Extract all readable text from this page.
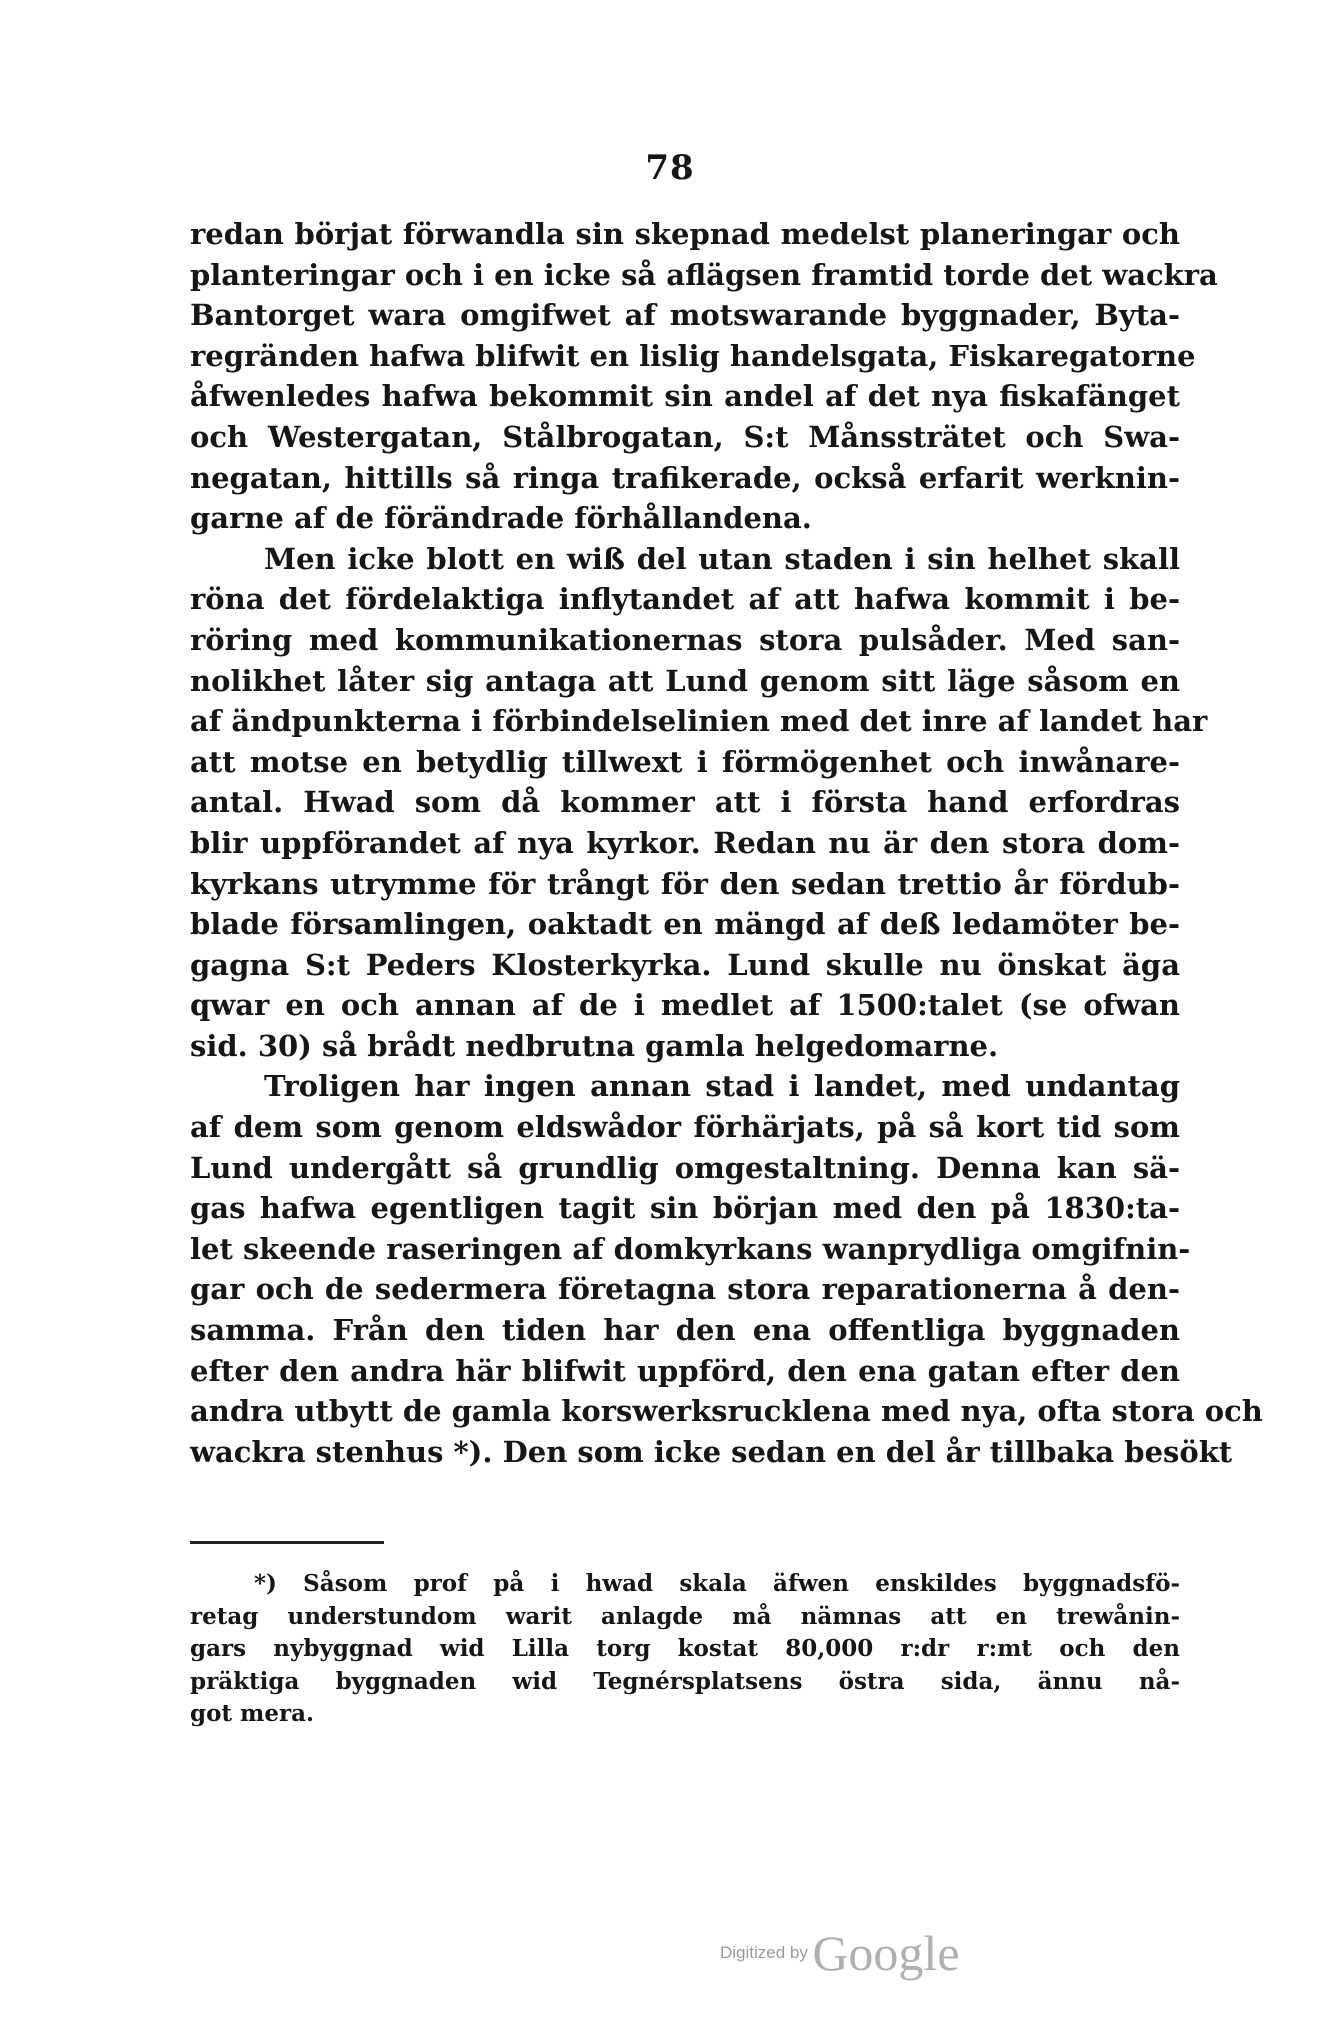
78
redan börjat förwandla sin skepnad medelst planeringar och
planteringar och i en icke så aflägsen framtid torde det wackra
Bantorget wara omgifwet af motswarande byggnader, Byta-
regränden hafwa blifwit en lislig handelsgata, Fiskaregatorne
åfwenledes hafwa bekommit sin andel af det nya fiskafänget
och Westergatan, Stålbrogatan, S:t Månssträtet och Swa-
negatan, hittills så ringa trafikerade, också erfarit werknin-
garne af de förändrade förhållandena.
Men icke blott en wiß del utan staden i sin helhet skall
röna det fördelaktiga inflytandet af att hafwa kommit i be-
röring med kommunikationernas stora pulsåder. Med san-
nolikhet låter sig antaga att Lund genom sitt läge såsom en
af ändpunkterna i förbindelselinien med det inre af landet har
att motse en betydlig tillwext i förmögenhet och inwånare-
antal. Hwad som då kommer att i första hand erfordras
blir uppförandet af nya kyrkor. Redan nu är den stora dom-
kyrkans utrymme för trångt för den sedan trettio år fördub-
blade församlingen, oaktadt en mängd af deß ledamöter be-
gagna S:t Peders Klosterkyrka. Lund skulle nu önskat äga
qwar en och annan af de i medlet af 1500:talet (se ofwan
sid. 30) så brådt nedbrutna gamla helgedomarne.
Troligen har ingen annan stad i landet, med undantag
af dem som genom eldswådor förhärjats, på så kort tid som
Lund undergått så grundlig omgestaltning. Denna kan sä-
gas hafwa egentligen tagit sin början med den på 1830:ta-
let skeende raseringen af domkyrkans wanprydliga omgifnin-
gar och de sedermera företagna stora reparationerna å den-
samma. Från den tiden har den ena offentliga byggnaden
efter den andra här blifwit uppförd, den ena gatan efter den
andra utbytt de gamla korswerksrucklena med nya, ofta stora och
wackra stenhus *). Den som icke sedan en del år tillbaka besökt
*) Såsom prof på i hwad skala äfwen enskildes byggnadsfö-
retag understundom warit anlagde må nämnas att en trewånin-
gars nybyggnad wid Lilla torg kostat 80,000 r:dr r:mt och den
präktiga byggnaden wid Tegnérsplatsens östra sida, ännu nå-
got mera.
Digitized by Google
